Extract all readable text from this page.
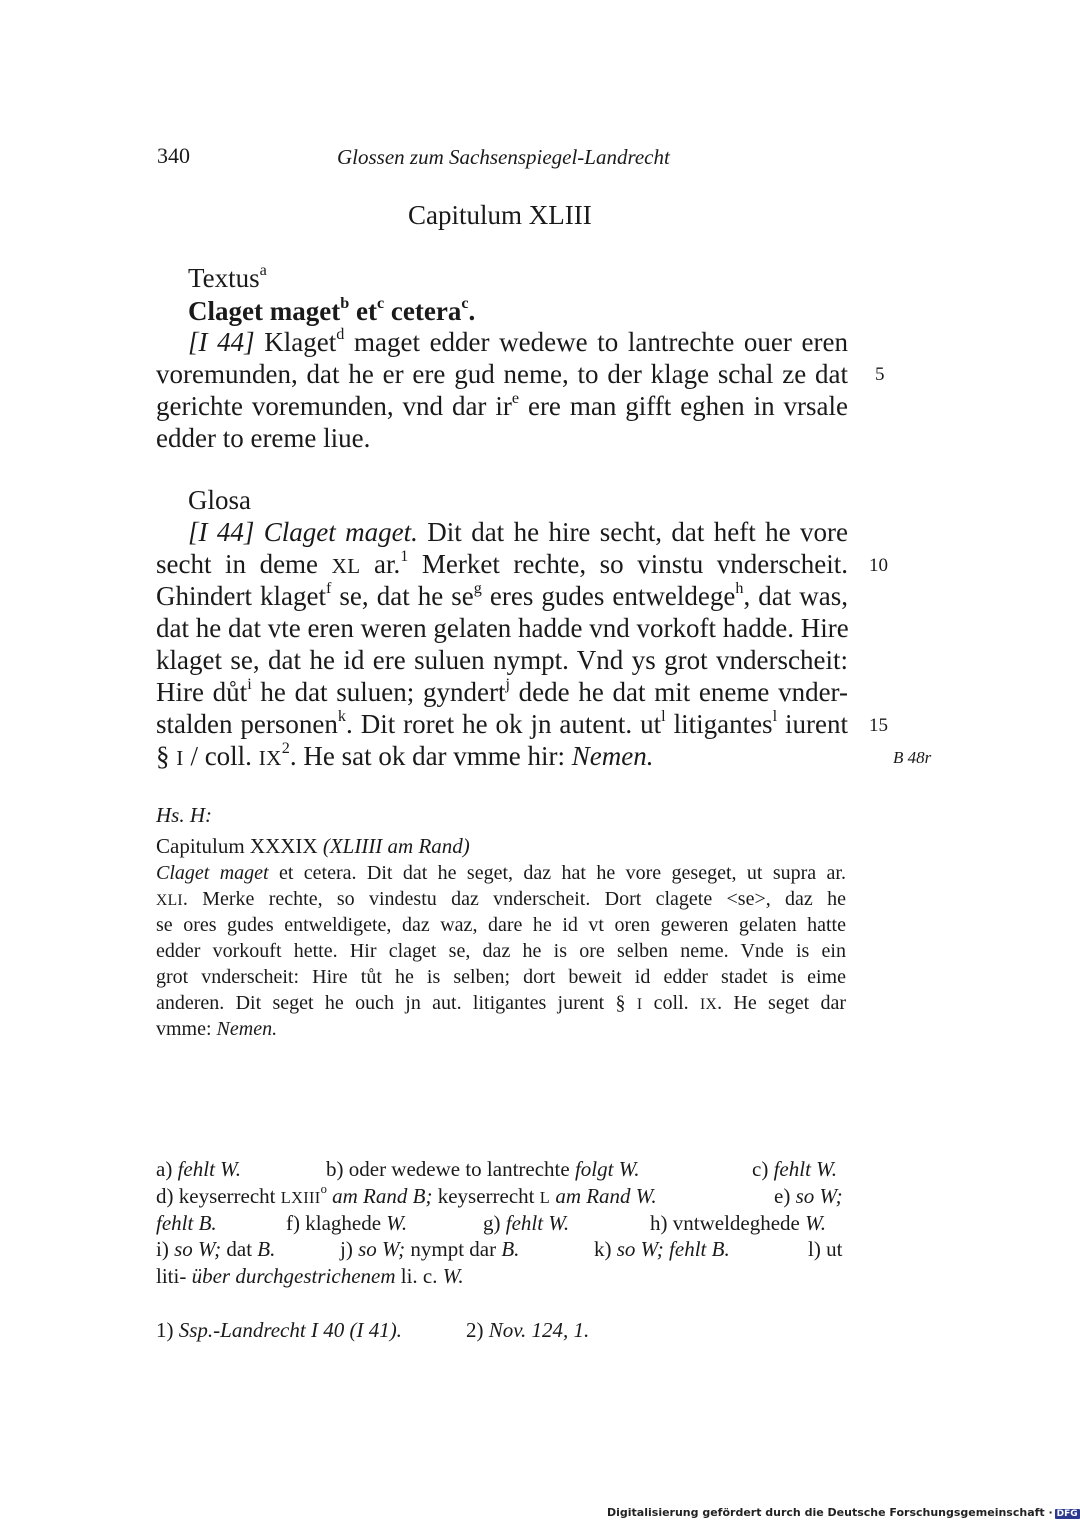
340	Glossen zum Sachsenspiegel-Landrecht
Capitulum XLIII
Textus$^a$
Claget maget$^b$ $et^c$ cetera$^c$.
[I 44] Klaget$^d$ maget edder wedewe to lantrechte ouer eren
voremunden, dat he er ere gud neme, to der klage schal ze dat
gerichte voremunden, vnd dar $ir^e$ ere man gifft eghen in vrsale
edder to ereme liue.
5
Glosa
[I 44] Claget maget. Dit dat he hire secht, dat heft he vore
secht in deme XL ar.$^1$ Merket rechte, so vinstu vnderscheit. 10
Ghindert klaget$^f$ se, dat he $se^g$ eres gudes entweldege$^h$, dat was,
dat he dat vte eren weren gelaten hadde vnd vorkoft hadde. Hire
klaget se, dat he id ere suluen nympt. Vnd ys grot vnderscheit:
Hire důt$^i$ he dat suluen; gyndert$^j$ dede he dat mit eneme vnder-
stalden personen$^k$. Dit roret he ok jn autent. $ut^l$ litigantes$^l$ iurent 15
§ I / coll. $IX^2$. He sat ok dar vmme hir: Nemen.	B 48r
Hs. H:
Capitulum XXXIX (XLIIII am Rand)
Claget maget et cetera. Dit dat he seget, daz hat he vore geseget, ut supra ar.
XLI. Merke rechte, so vindestu daz vnderscheit. Dort clagete <se>, daz he
se ores gudes entweldigete, daz waz, dare he id vt oren geweren gelaten hatte
edder vorkouft hette. Hir claget se, daz he is ore selben neme. Vnde is ein
grot vnderscheit: Hire tůt he is selben; dort beweit id edder stadet is eime
anderen. Dit seget he ouch jn aut. litigantes jurent § I coll. IX. He seget dar
vmme: Nemen.
a) fehlt W.	b) oder wedewe to lantrechte folgt W.	c) fehlt W.
d) keyserrecht LXIII$^o$ am Rand B; keyserrecht L am Rand W.	e) so W;
fehlt B.	f) klaghede W.	g) fehlt W.	h) vntweldeghede W.
i) so W; dat B.	j) so W; nympt dar B.	k) so W; fehlt B.	l) ut
liti- über durchgestrichenem li. c. W.
1) Ssp.-Landrecht I 40 (I 41).	2) Nov. 124, 1.
Digitalisierung gefördert durch die Deutsche Forschungsgemeinschaft · DFG
